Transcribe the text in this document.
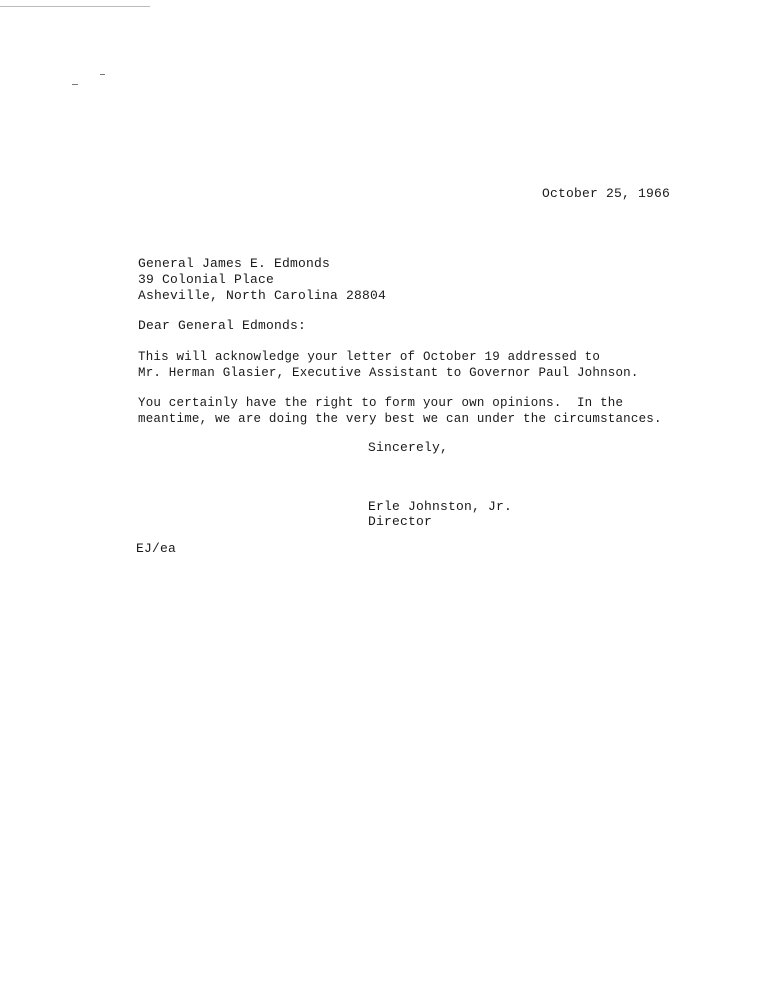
October 25, 1966
General James E. Edmonds
39 Colonial Place
Asheville, North Carolina 28804
Dear General Edmonds:
This will acknowledge your letter of October 19 addressed to
Mr. Herman Glasier, Executive Assistant to Governor Paul Johnson.
You certainly have the right to form your own opinions.  In the
meantime, we are doing the very best we can under the circumstances.
Sincerely,
Erle Johnston, Jr.
Director
EJ/ea
